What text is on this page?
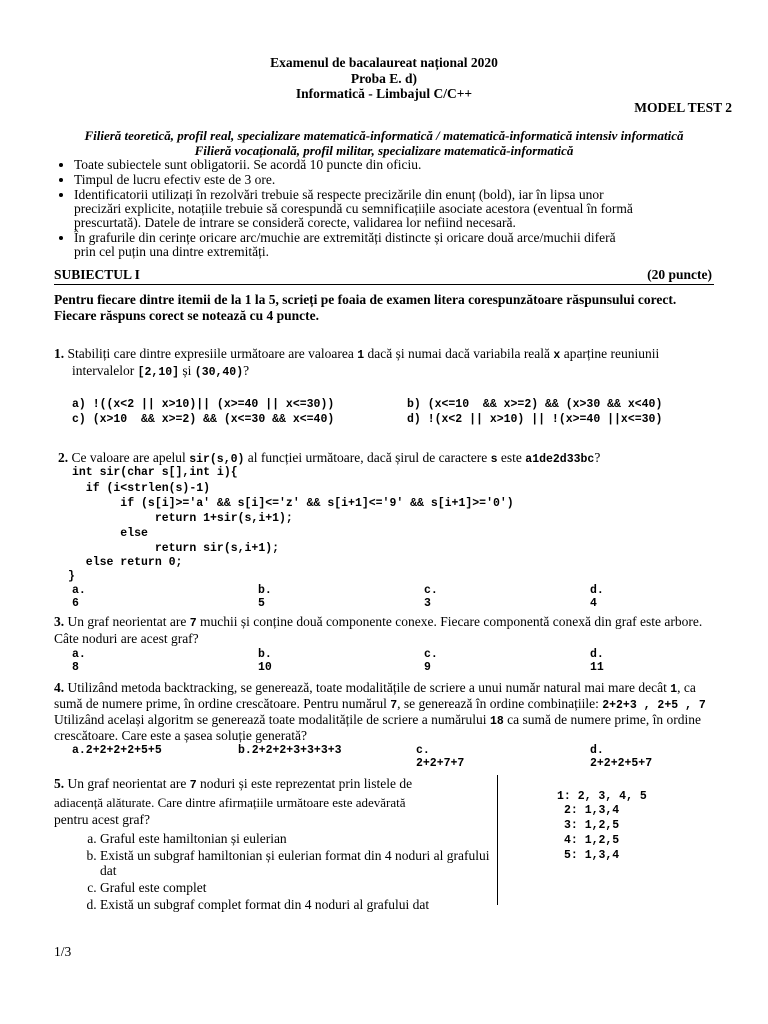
Examenul de bacalaureat național 2020
Proba E. d)
Informatică - Limbajul C/C++
MODEL TEST 2
Filieră teoretică, profil real, specializare matematică-informatică / matematică-informatică intensiv informatică
Filieră vocațională, profil militar, specializare matematică-informatică
• Toate subiectele sunt obligatorii. Se acordă 10 puncte din oficiu.
• Timpul de lucru efectiv este de 3 ore.
• Identificatorii utilizați în rezolvări trebuie să respecte precizările din enunț (bold), iar în lipsa unor precizări explicite, notațiile trebuie să corespundă cu semnificațiile asociate acestora (eventual în formă prescurtată). Datele de intrare se consideră corecte, validarea lor nefiind necesară.
• În grafurile din cerințe oricare arc/muchie are extremități distincte și oricare două arce/muchii diferă prin cel puțin una dintre extremități.
SUBIECTUL I	(20 puncte)
Pentru fiecare dintre itemii de la 1 la 5, scrieți pe foaia de examen litera corespunzătoare răspunsului corect.
Fiecare răspuns corect se notează cu 4 puncte.
1. Stabiliți care dintre expresiile următoare are valoarea 1 dacă și numai dacă variabila reală x aparține reuniunii
intervalelor [2,10] și (30,40)?
a) !((x<2 || x>10)|| (x>=40 || x<=30))	b) (x<=10  && x>=2) && (x>30 && x<40)
c) (x>10  && x>=2) && (x<=30 && x<=40)	d) !(x<2 || x>10) || !(x>=40 ||x<=30)
2. Ce valoare are apelul sir(s,0) al funcției următoare, dacă șirul de caractere s este a1de2d33bc?
int sir(char s[],int i){
if (i<strlen(s)-1)
if (s[i]>='a' && s[i]<='z' && s[i+1]<='9' && s[i+1]>='0')
return 1+sir(s,i+1);
else
return sir(s,i+1);
else return 0;
}
a. 6
b. 5
c. 3
d. 4
3. Un graf neorientat are 7 muchii și conține două componente conexe. Fiecare componentă conexă din graf este arbore.
Câte noduri are acest graf?
a. 8
b. 10
c. 9
d. 11
4. Utilizând metoda backtracking, se generează, toate modalitățile de scriere a unui număr natural mai mare decât 1, ca
sumă de numere prime, în ordine crescătoare. Pentru numărul 7, se generează în ordine combinațiile: 2+2+3 , 2+5 , 7
Utilizând același algoritm se generează toate modalitățile de scriere a numărului 18 ca sumă de numere prime, în ordine
crescătoare. Care este a șasea soluție generată?
a.2+2+2+2+5+5	b.2+2+2+3+3+3+3	c. 2+2+7+7
d. 2+2+2+5+7
5. Un graf neorientat are 7 noduri și este reprezentat prin listele de
adiacență alăturate. Care dintre afirmațiile următoare este adevărată
pentru acest graf?
a. Graful este hamiltonian și eulerian
b. Există un subgraf hamiltonian și eulerian format din 4 noduri al grafului dat
c. Graful este complet
d. Există un subgraf complet format din 4 noduri al grafului dat
1: 2, 3, 4, 5
2: 1,3,4
3: 1,2,5
4: 1,2,5
5: 1,3,4
1/3
